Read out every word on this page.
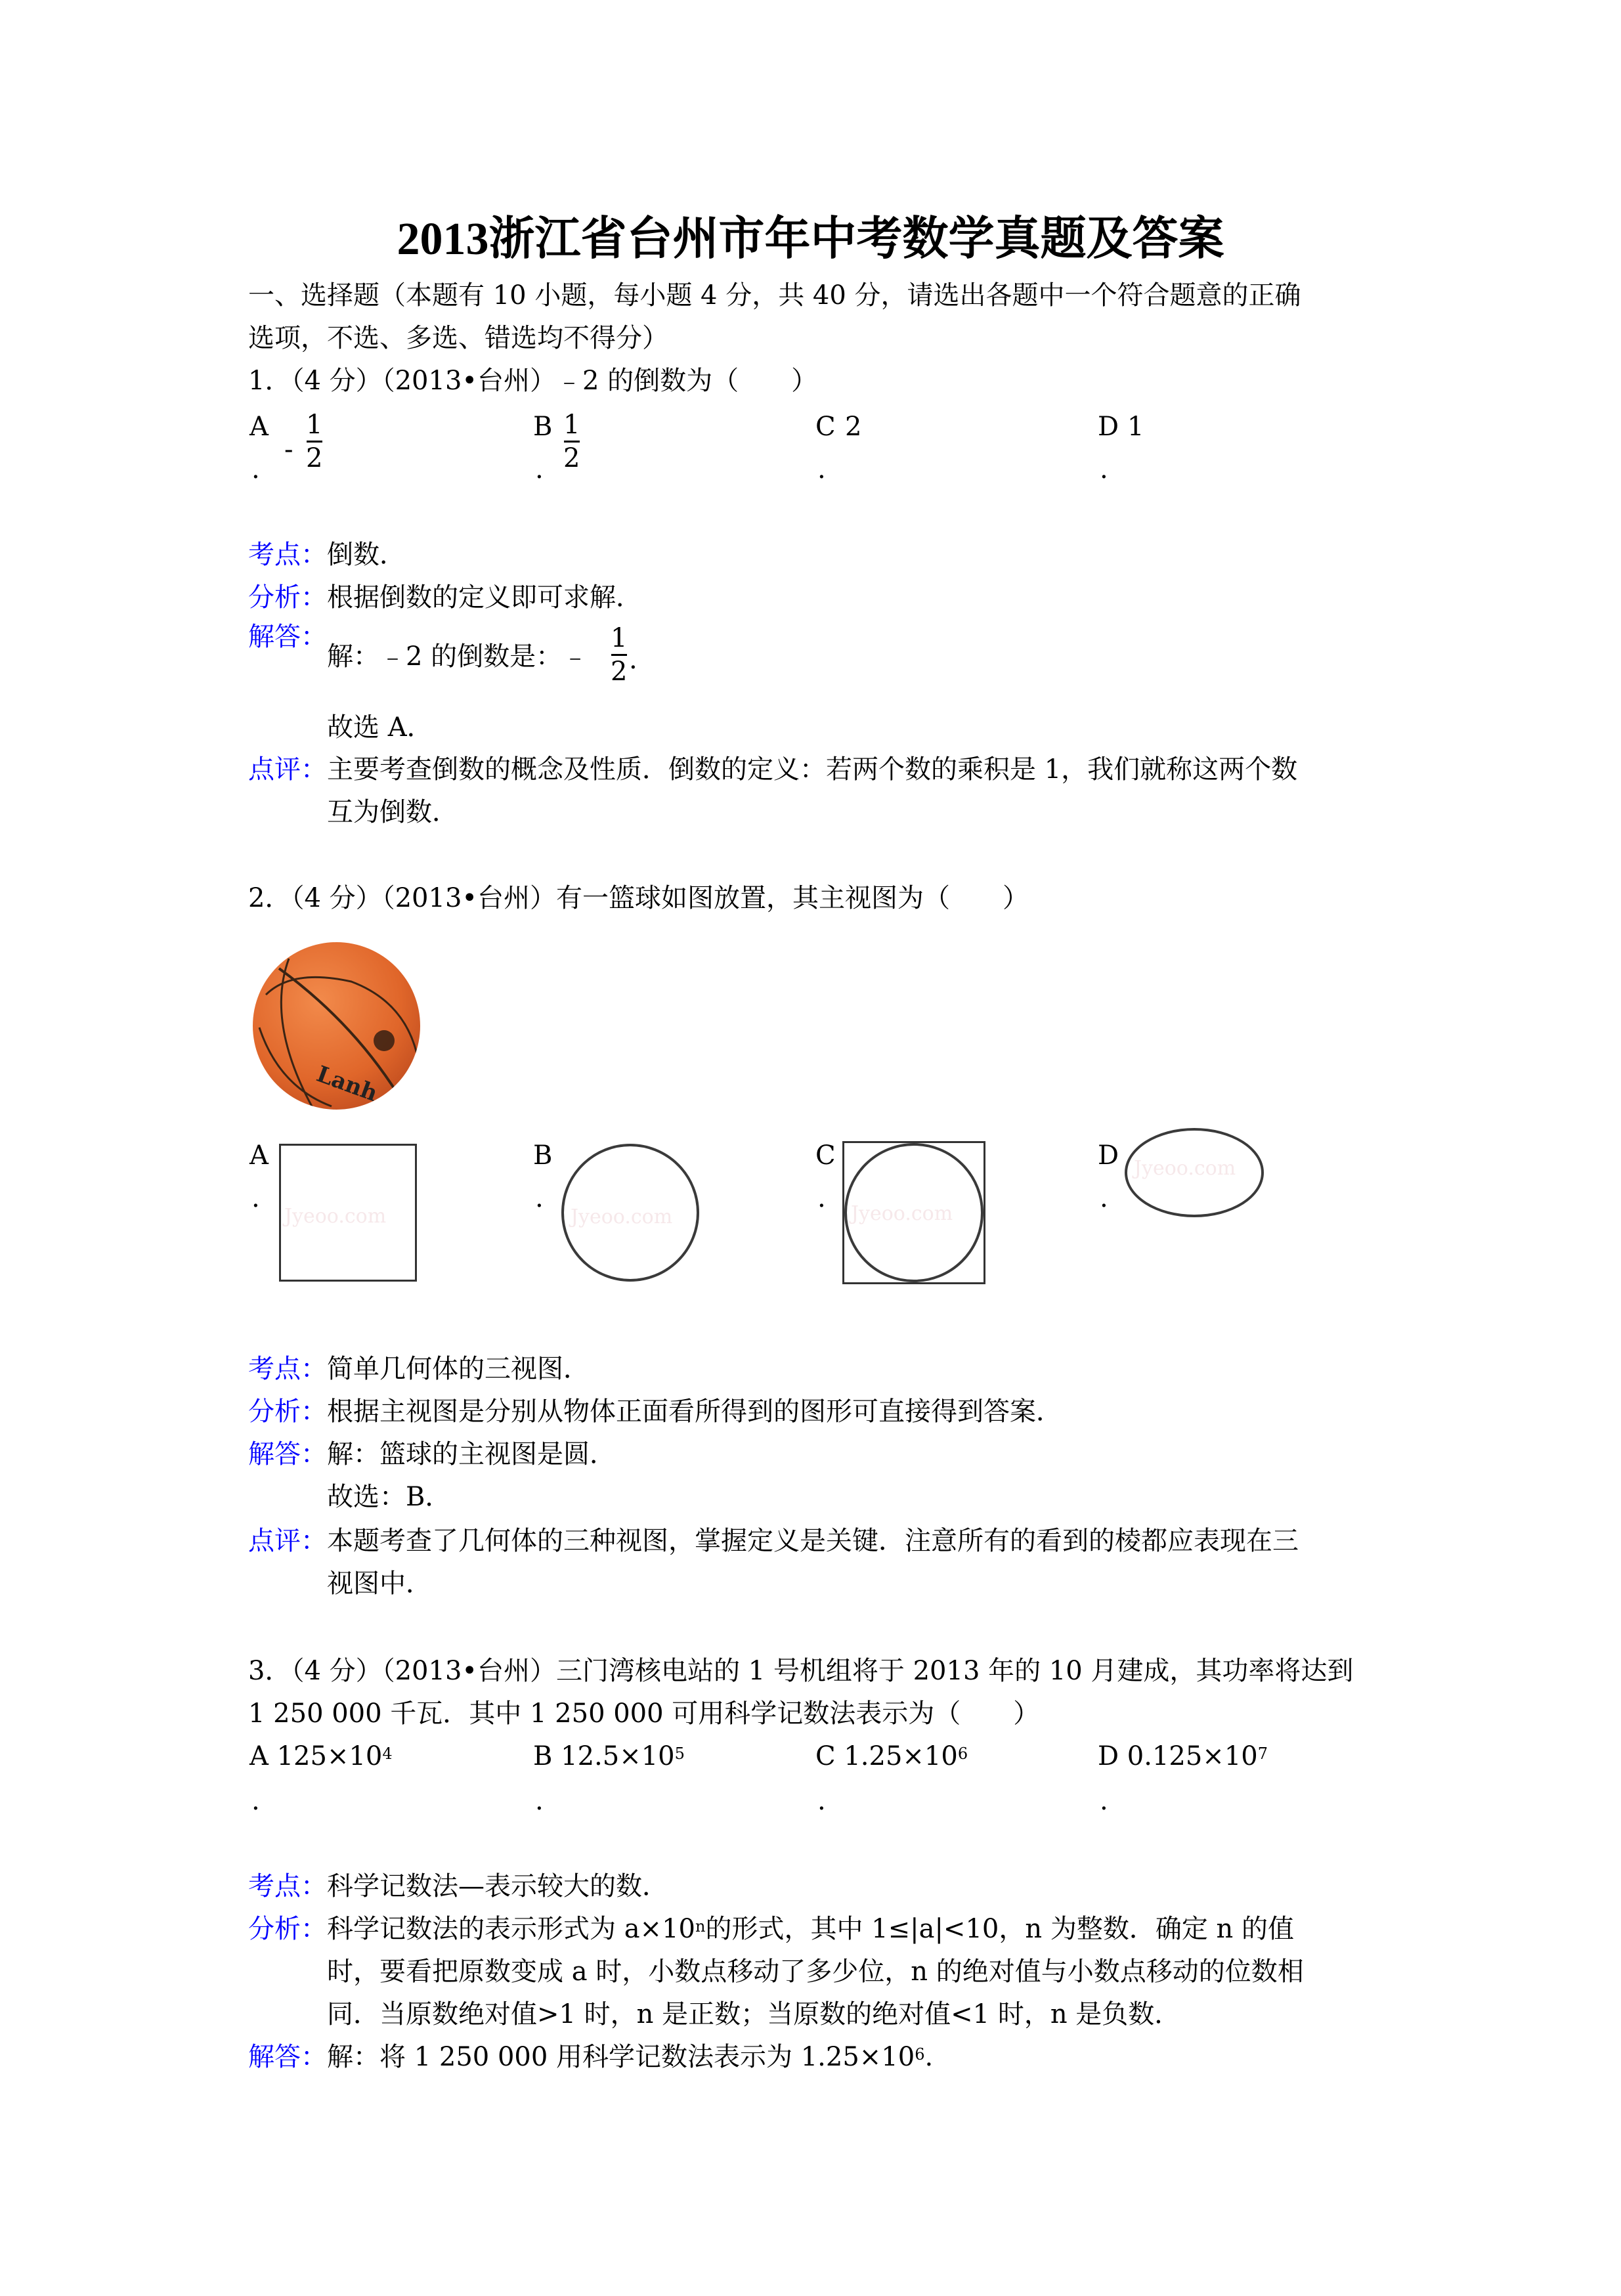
2013浙江省台州市年中考数学真题及答案
一、选择题（本题有 10 小题，每小题 4 分，共 40 分，请选出各题中一个符合题意的正确
选项，不选、多选、错选均不得分）
1．（4 分）（2013•台州）﹣2 的倒数为（　　）
A
.
-
1
2
B
.
1
2
C 2
.
D 1
.
考点：倒数．
分析：根据倒数的定义即可求解．
解答：
解：﹣2 的倒数是：﹣
1
2 .
故选 A．
点评：主要考查倒数的概念及性质．倒数的定义：若两个数的乘积是 1，我们就称这两个数
互为倒数．
2．（4 分）（2013•台州）有一篮球如图放置，其主视图为（　　）
Lanh
A
.
Jyeoo.com
B
.
Jyeoo.com
C
.
Jyeoo.com
D
.
Jyeoo.com
考点：简单几何体的三视图．
分析：根据主视图是分别从物体正面看所得到的图形可直接得到答案．
解答：解：篮球的主视图是圆．
故选：B．
点评：本题考查了几何体的三种视图，掌握定义是关键．注意所有的看到的棱都应表现在三
视图中．
3．（4 分）（2013•台州）三门湾核电站的 1 号机组将于 2013 年的 10 月建成，其功率将达到
1 250 000 千瓦．其中 1 250 000 可用科学记数法表示为（　　）
A $125\times 10^4$
.
B $12.5\times 10^5$
.
C $1.25\times 10^6$
.
D $0.125\times 10^7$
.
考点：科学记数法—表示较大的数．
分析：科学记数法的表示形式为 $a\times 10^n$的形式，其中 1≤|a|<10，n 为整数．确定 n 的值
时，要看把原数变成 a 时，小数点移动了多少位，n 的绝对值与小数点移动的位数相
同．当原数绝对值>1 时，n 是正数；当原数的绝对值<1 时，n 是负数．
解答：解：将 1 250 000 用科学记数法表示为 $1.25\times 10^6$.
